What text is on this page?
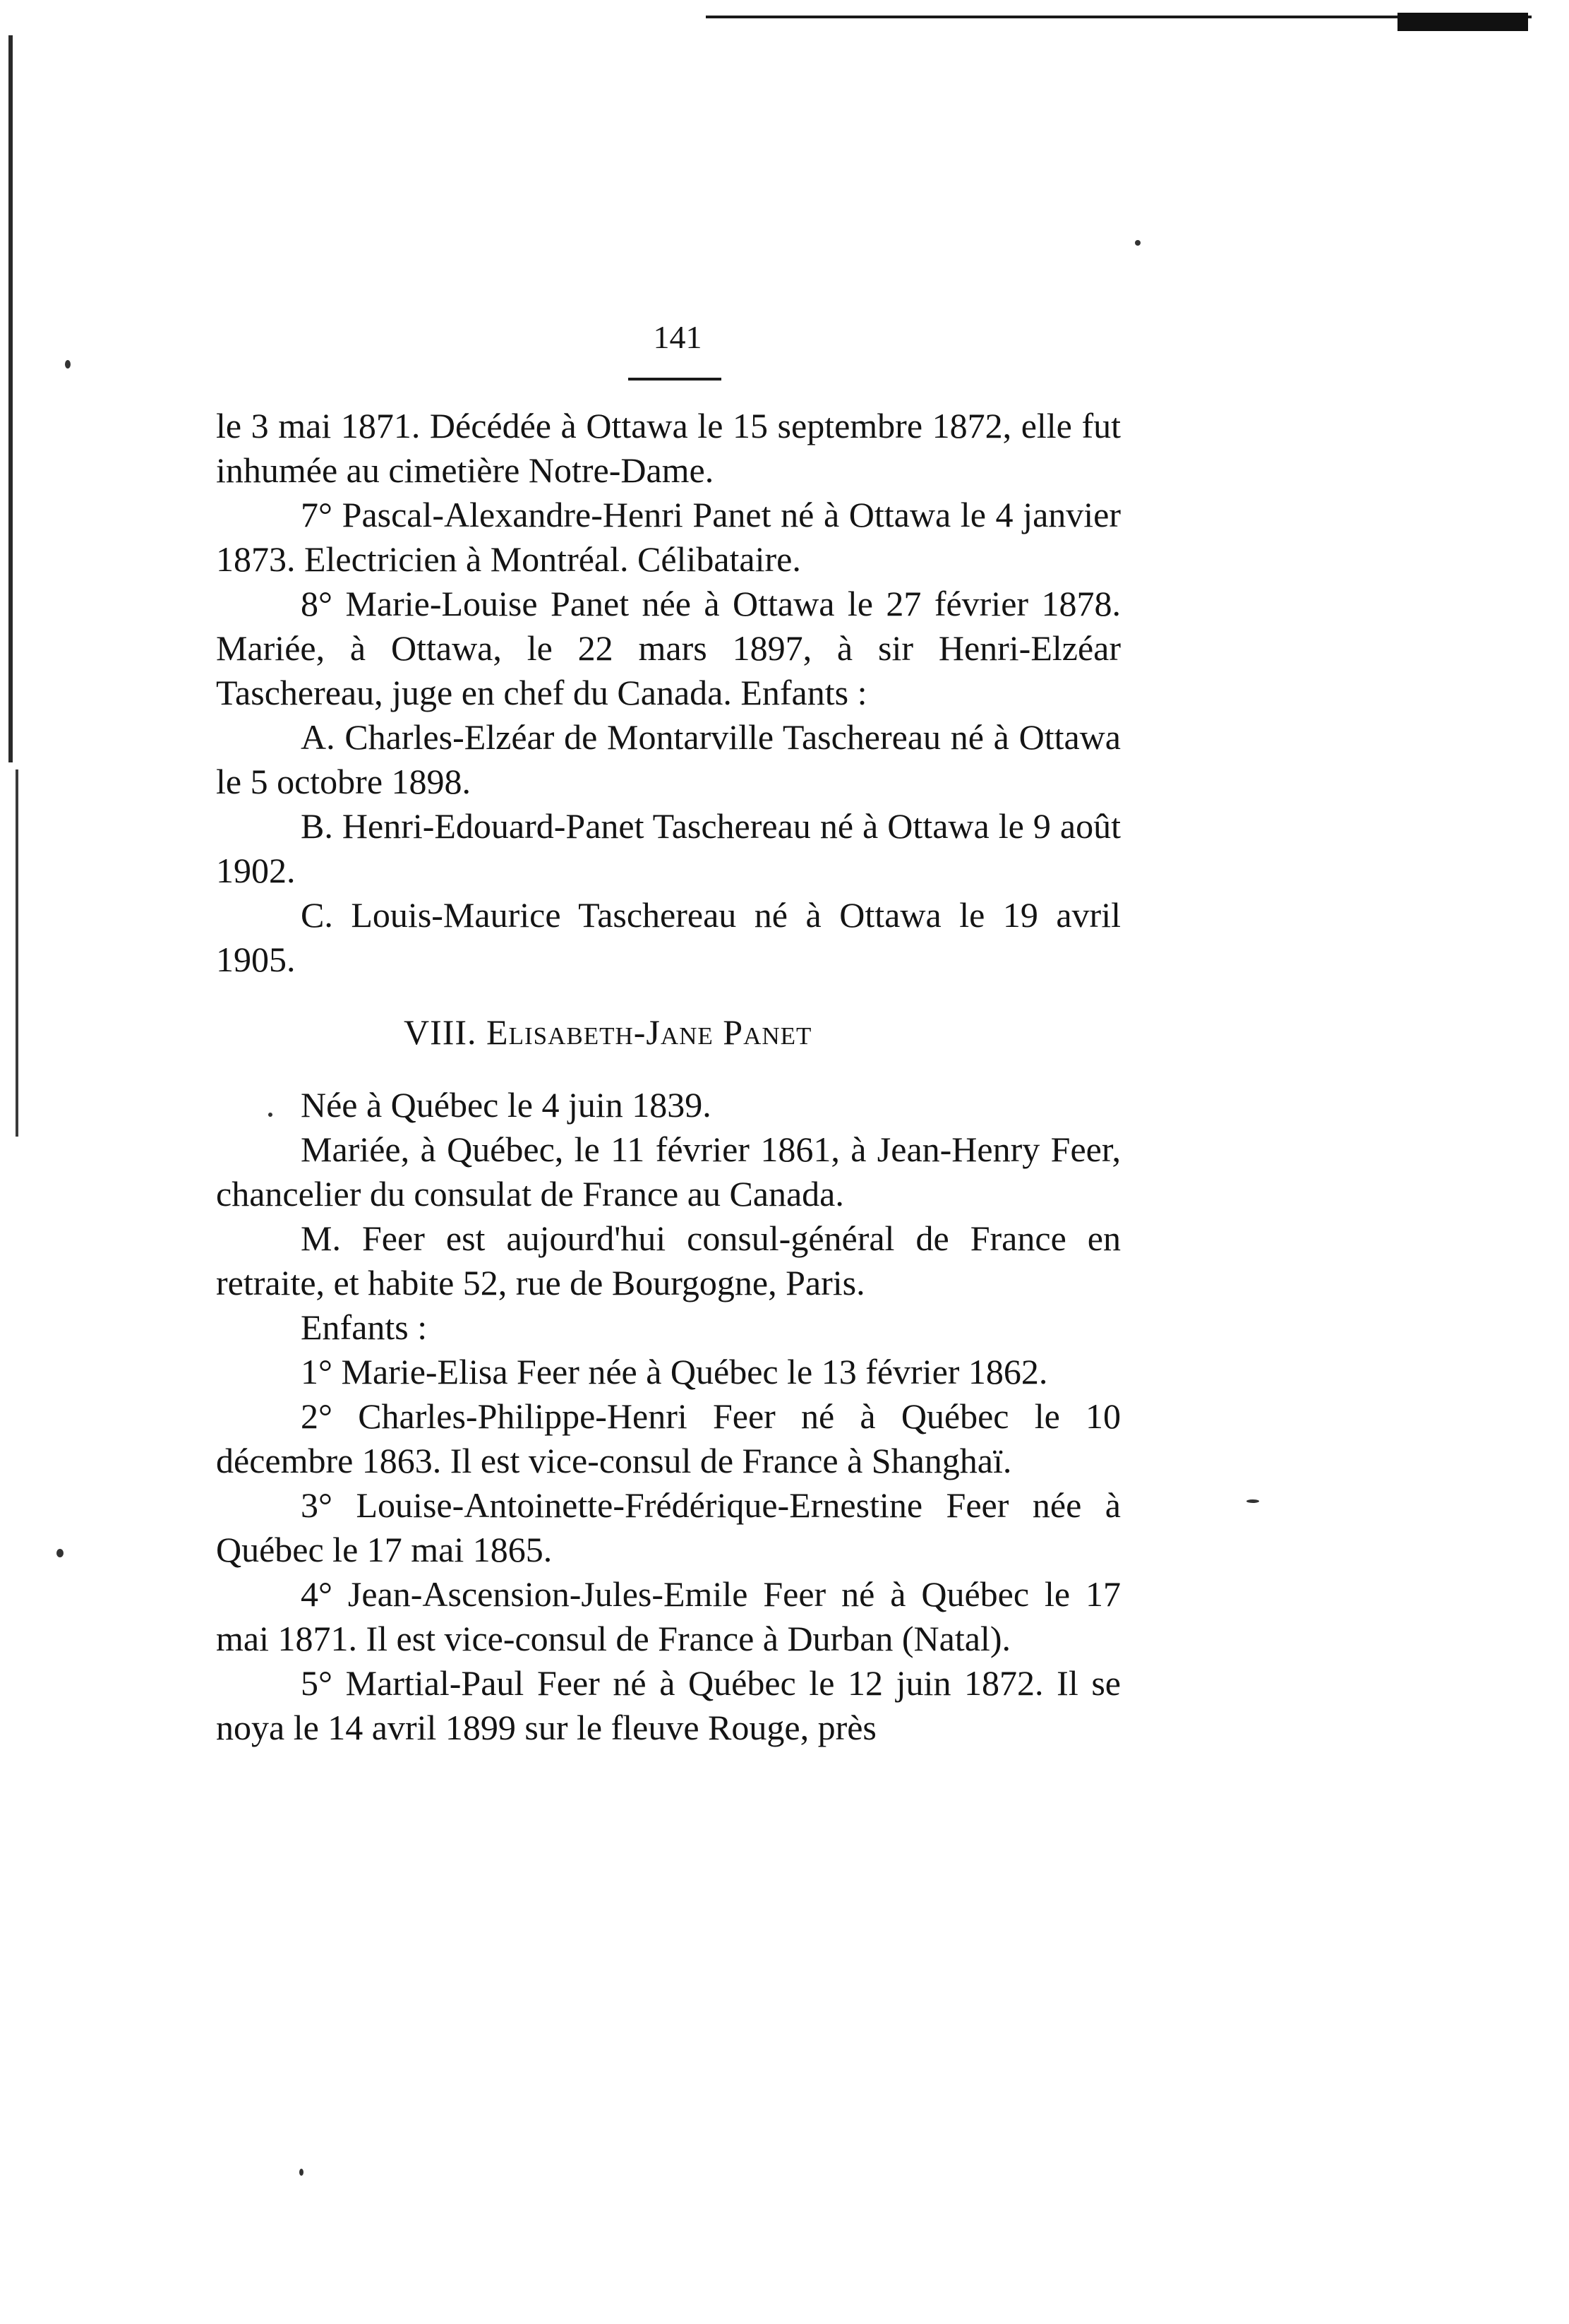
141

le 3 mai 1871. Décédée à Ottawa le 15 septembre 1872, elle fut inhumée au cimetière Notre-Dame.

7° Pascal-Alexandre-Henri Panet né à Ottawa le 4 janvier 1873. Electricien à Montréal. Célibataire.

8° Marie-Louise Panet née à Ottawa le 27 février 1878. Mariée, à Ottawa, le 22 mars 1897, à sir Henri-Elzéar Taschereau, juge en chef du Canada. Enfants :

A. Charles-Elzéar de Montarville Taschereau né à Ottawa le 5 octobre 1898.

B. Henri-Edouard-Panet Taschereau né à Ottawa le 9 août 1902.

C. Louis-Maurice Taschereau né à Ottawa le 19 avril 1905.

VIII. Elisabeth-Jane Panet

Née à Québec le 4 juin 1839.

Mariée, à Québec, le 11 février 1861, à Jean-Henry Feer, chancelier du consulat de France au Canada.

M. Feer est aujourd'hui consul-général de France en retraite, et habite 52, rue de Bourgogne, Paris.

Enfants :

1° Marie-Elisa Feer née à Québec le 13 février 1862.

2° Charles-Philippe-Henri Feer né à Québec le 10 décembre 1863. Il est vice-consul de France à Shanghaï.

3° Louise-Antoinette-Frédérique-Ernestine Feer née à Québec le 17 mai 1865.

4° Jean-Ascension-Jules-Emile Feer né à Québec le 17 mai 1871. Il est vice-consul de France à Durban (Natal).

5° Martial-Paul Feer né à Québec le 12 juin 1872. Il se noya le 14 avril 1899 sur le fleuve Rouge, près
